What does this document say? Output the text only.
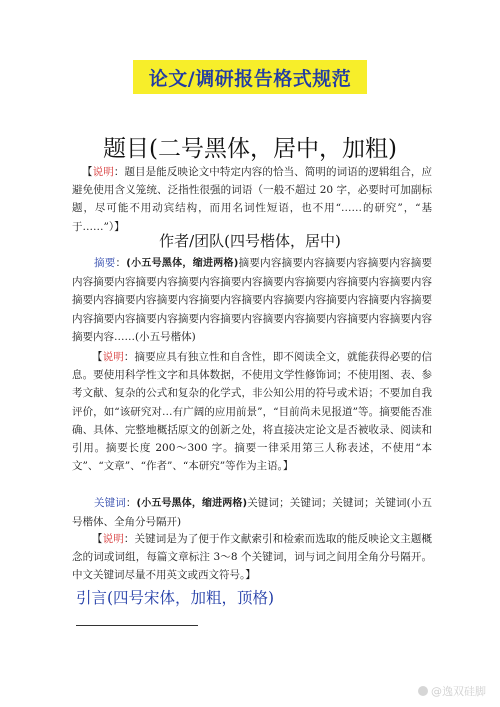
论文/调研报告格式规范
题目(二号黑体，居中，加粗)
【说明：题目是能反映论文中特定内容的恰当、简明的词语的逻辑组合，应避免使用含义笼统、泛指性很强的词语（一般不超过 20 字，必要时可加副标题，尽可能不用动宾结构，而用名词性短语，也不用“……的研究”，“基于……”）】
作者/团队(四号楷体，居中)
摘要：(小五号黑体，缩进两格)摘要内容摘要内容摘要内容摘要内容摘要内容摘要内容摘要内容摘要内容摘要内容摘要内容摘要内容摘要内容摘要内容摘要内容摘要内容摘要内容摘要内容摘要内容摘要内容摘要内容摘要内容摘要内容摘要内容摘要内容摘要内容摘要内容摘要内容摘要内容摘要内容摘要内容摘要内容……(小五号楷体)
【说明：摘要应具有独立性和自含性，即不阅读全文，就能获得必要的信息。要使用科学性文字和具体数据，不使用文学性修饰词；不使用图、表、参考文献、复杂的公式和复杂的化学式，非公知公用的符号或术语；不要加自我评价，如“该研究对…有广阔的应用前景”，“目前尚未见报道”等。摘要能否准确、具体、完整地概括原文的创新之处，将直接决定论文是否被收录、阅读和引用。摘要长度 200～300 字。摘要一律采用第三人称表述，不使用“本文”、“文章”、“作者”、“本研究”等作为主语。】
关键词：(小五号黑体，缩进两格)关键词；关键词；关键词；关键词(小五号楷体、全角分号隔开)
【说明：关键词是为了便于作文献索引和检索而选取的能反映论文主题概念的词或词组，每篇文章标注 3～8 个关键词，词与词之间用全角分号隔开。中文关键词尽量不用英文或西文符号。】
引言(四号宋体，加粗，顶格)
@逸双硅脚
